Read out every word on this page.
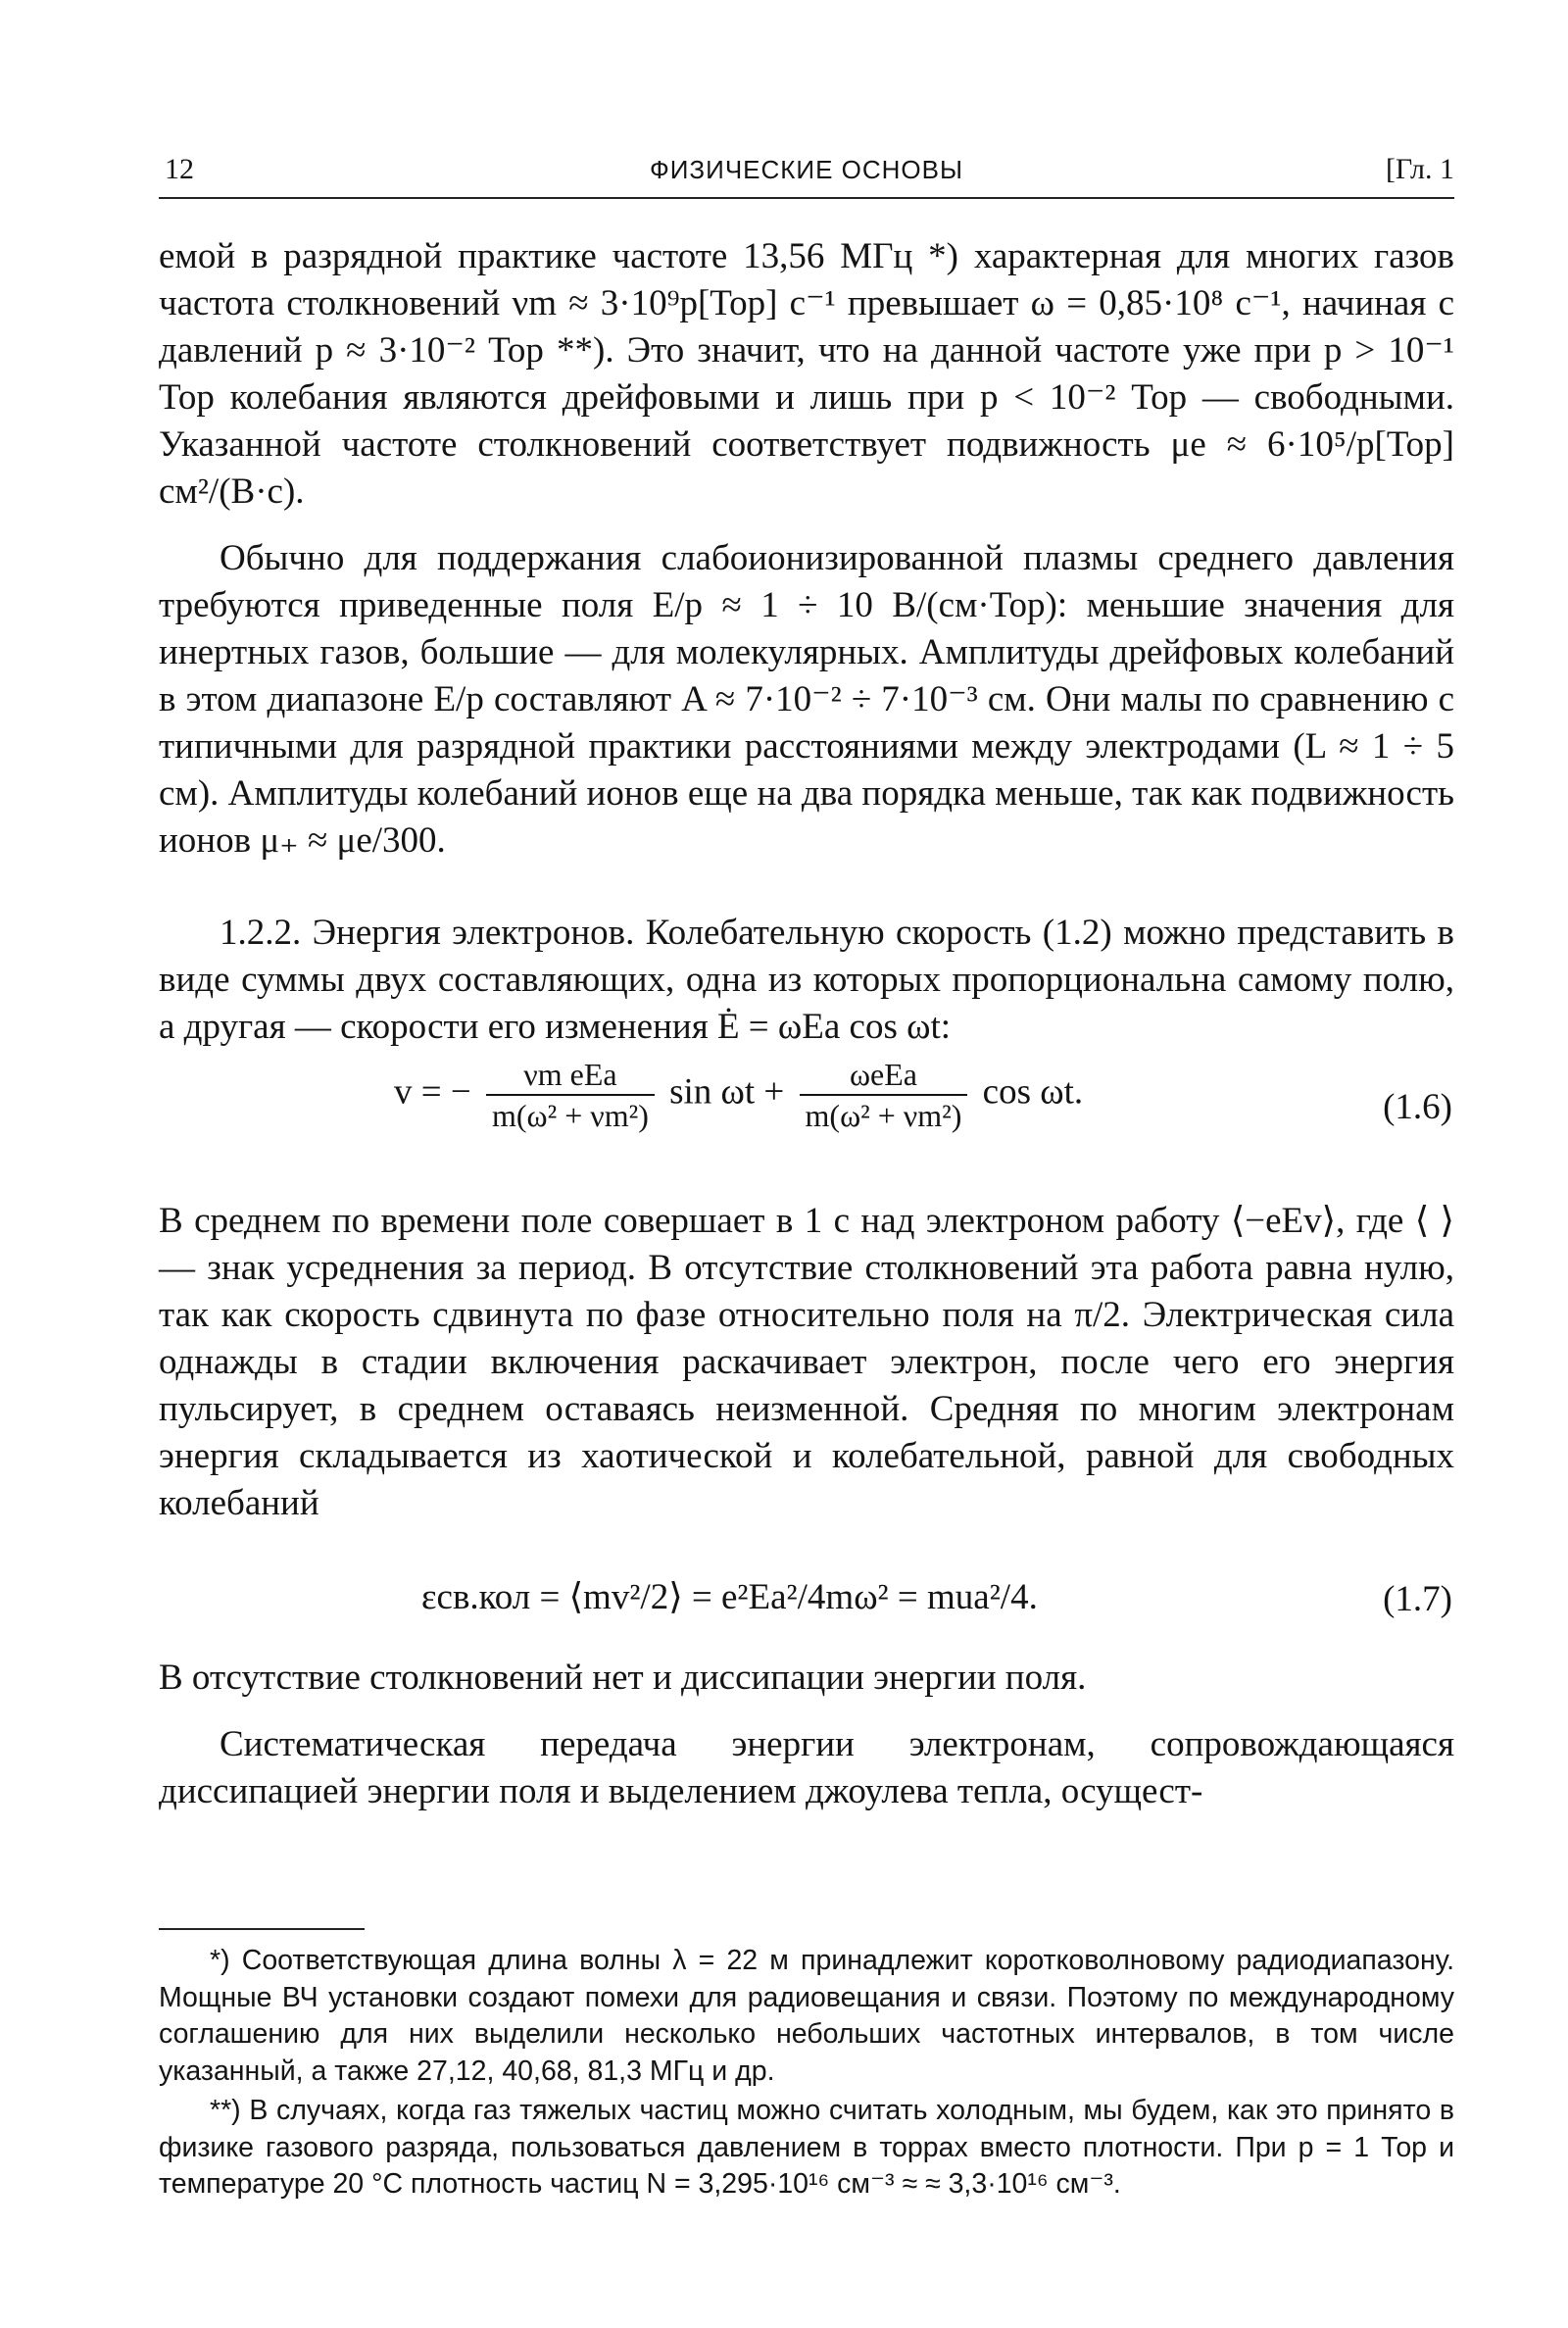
12	ФИЗИЧЕСКИЕ ОСНОВЫ	[Гл. 1

емой в разрядной практике частоте 13,56 МГц *) характерная для многих газов частота столкновений νm ≈ 3·10⁹p[Тор] с⁻¹ превышает ω = 0,85·10⁸ с⁻¹, начиная с давлений p ≈ 3·10⁻² Тор **). Это значит, что на данной частоте уже при p > 10⁻¹ Тор колебания являются дрейфовыми и лишь при p < 10⁻² Тор — свободными. Указанной частоте столкновений соответствует подвижность μe ≈ 6·10⁵/p[Тор] см²/(В·с).

Обычно для поддержания слабоионизированной плазмы среднего давления требуются приведенные поля E/p ≈ 1 ÷ 10 В/(см·Тор): меньшие значения для инертных газов, большие — для молекулярных. Амплитуды дрейфовых колебаний в этом диапазоне E/p составляют A ≈ 7·10⁻² ÷ 7·10⁻³ см. Они малы по сравнению с типичными для разрядной практики расстояниями между электродами (L ≈ 1 ÷ 5 см). Амплитуды колебаний ионов еще на два порядка меньше, так как подвижность ионов μ₊ ≈ μe/300.

1.2.2. Энергия электронов. Колебательную скорость (1.2) можно представить в виде суммы двух составляющих, одна из которых пропорциональна самому полю, а другая — скорости его изменения Ė = ωEa cos ωt:

v = − $\frac{\text{νm eEa}}{\text{m(ω² + νm²)}}$ $\sin \omega t + \frac{\text{ωeEa}}{\text{m(ω² + νm²)}}$ cos ωt.	(1.6)

В среднем по времени поле совершает в 1 с над электроном работу ⟨−eEv⟩, где ⟨ ⟩ — знак усреднения за период. В отсутствие столкновений эта работа равна нулю, так как скорость сдвинута по фазе относительно поля на π/2. Электрическая сила однажды в стадии включения раскачивает электрон, после чего его энергия пульсирует, в среднем оставаясь неизменной. Средняя по многим электронам энергия складывается из хаотической и колебательной, равной для свободных колебаний

εсв.кол = ⟨mv²/2⟩ = e²Ea²/4mω² = mua²/4.	(1.7)

В отсутствие столкновений нет и диссипации энергии поля.

Систематическая передача энергии электронам, сопровождающаяся диссипацией энергии поля и выделением джоулева тепла, осущест-

*) Соответствующая длина волны λ = 22 м принадлежит коротковолновому радиодиапазону. Мощные ВЧ установки создают помехи для радиовещания и связи. Поэтому по международному соглашению для них выделили несколько небольших частотных интервалов, в том числе указанный, а также 27,12, 40,68, 81,3 МГц и др.

**) В случаях, когда газ тяжелых частиц можно считать холодным, мы будем, как это принято в физике газового разряда, пользоваться давлением в торрах вместо плотности. При p = 1 Тор и температуре 20 °С плотность частиц N = 3,295·10¹⁶ см⁻³ ≈ ≈ 3,3·10¹⁶ см⁻³.
